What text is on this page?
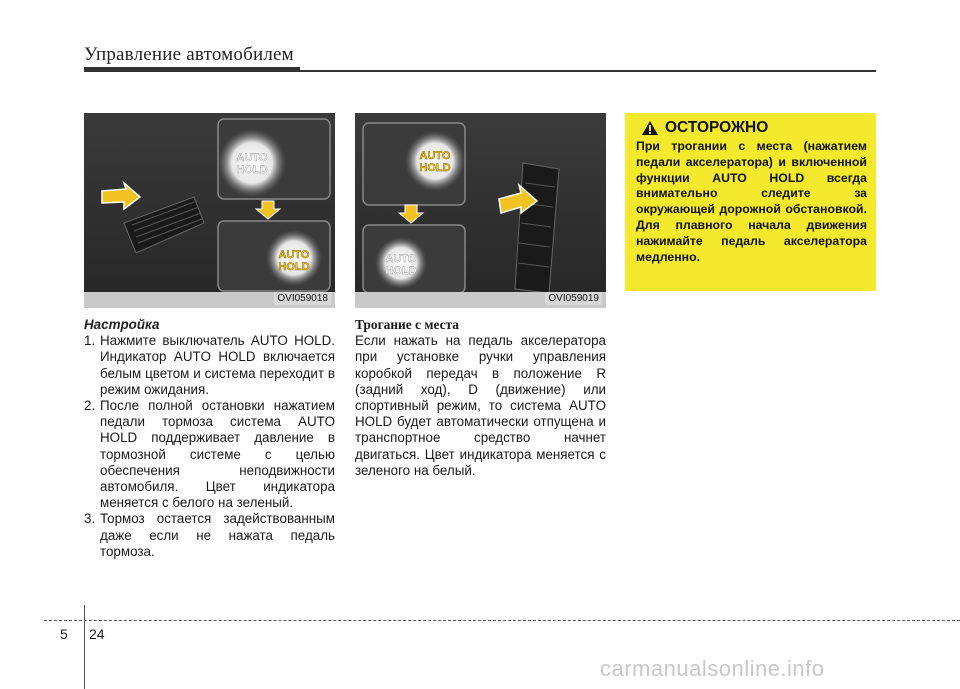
Управление автомобилем
AUTO
HOLD
AUTO
HOLD
OVI059018
AUTO
HOLD
AUTO
HOLD
OVI059019
ОСТОРОЖНО
При трогании с места (нажатием педали акселератора) и включенной функции AUTO HOLD всегда внимательно следите за окружающей дорожной обстановкой. Для плавного начала движения нажимайте педаль акселератора медленно.
Настройка

1. Нажмите выключатель AUTO HOLD. Индикатор AUTO HOLD включается белым цветом и система переходит в режим ожидания.

2. После полной остановки нажатием педали тормоза система AUTO HOLD поддерживает давление в тормозной системе с целью обеспечения неподвижности автомобиля. Цвет индикатора меняется с белого на зеленый.

3. Тормоз остается задействованным даже если не нажата педаль тормоза.

Трогание с места

Если нажать на педаль акселератора при установке ручки управления коробкой передач в положение R (задний ход), D (движение) или спортивный режим, то система AUTO HOLD будет автоматически отпущена и транспортное средство начнет двигаться. Цвет индикатора меняется с зеленого на белый.

5 24
carmanualsonline.info
